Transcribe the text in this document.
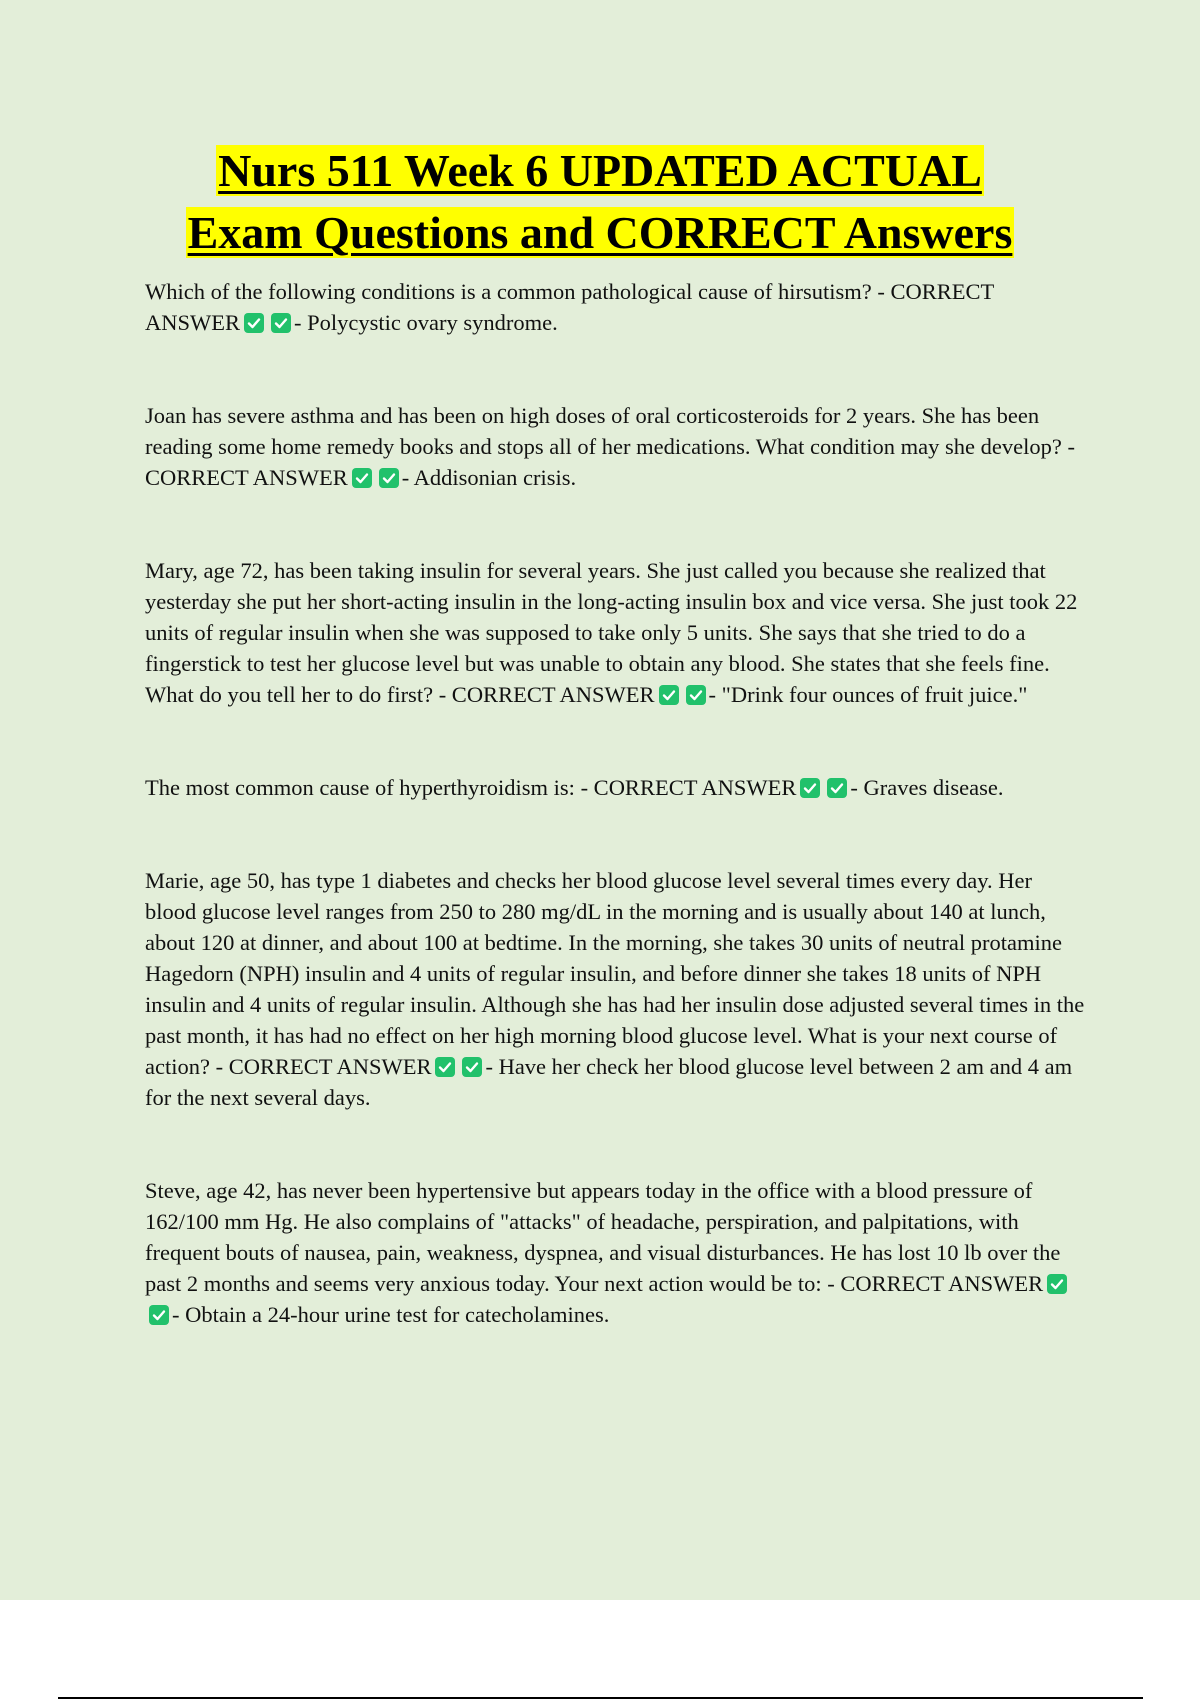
Nurs 511 Week 6 UPDATED ACTUAL
Exam Questions and CORRECT Answers

Which of the following conditions is a common pathological cause of hirsutism? - CORRECT ANSWER - Polycystic ovary syndrome.

Joan has severe asthma and has been on high doses of oral corticosteroids for 2 years. She has been reading some home remedy books and stops all of her medications. What condition may she develop? - CORRECT ANSWER - Addisonian crisis.

Mary, age 72, has been taking insulin for several years. She just called you because she realized that yesterday she put her short-acting insulin in the long-acting insulin box and vice versa. She just took 22 units of regular insulin when she was supposed to take only 5 units. She says that she tried to do a fingerstick to test her glucose level but was unable to obtain any blood. She states that she feels fine. What do you tell her to do first? - CORRECT ANSWER - "Drink four ounces of fruit juice."

The most common cause of hyperthyroidism is: - CORRECT ANSWER - Graves disease.

Marie, age 50, has type 1 diabetes and checks her blood glucose level several times every day. Her blood glucose level ranges from 250 to 280 mg/dL in the morning and is usually about 140 at lunch, about 120 at dinner, and about 100 at bedtime. In the morning, she takes 30 units of neutral protamine Hagedorn (NPH) insulin and 4 units of regular insulin, and before dinner she takes 18 units of NPH insulin and 4 units of regular insulin. Although she has had her insulin dose adjusted several times in the past month, it has had no effect on her high morning blood glucose level. What is your next course of action? - CORRECT ANSWER - Have her check her blood glucose level between 2 am and 4 am for the next several days.

Steve, age 42, has never been hypertensive but appears today in the office with a blood pressure of 162/100 mm Hg. He also complains of "attacks" of headache, perspiration, and palpitations, with frequent bouts of nausea, pain, weakness, dyspnea, and visual disturbances. He has lost 10 lb over the past 2 months and seems very anxious today. Your next action would be to: - CORRECT ANSWER
- Obtain a 24-hour urine test for catecholamines.
